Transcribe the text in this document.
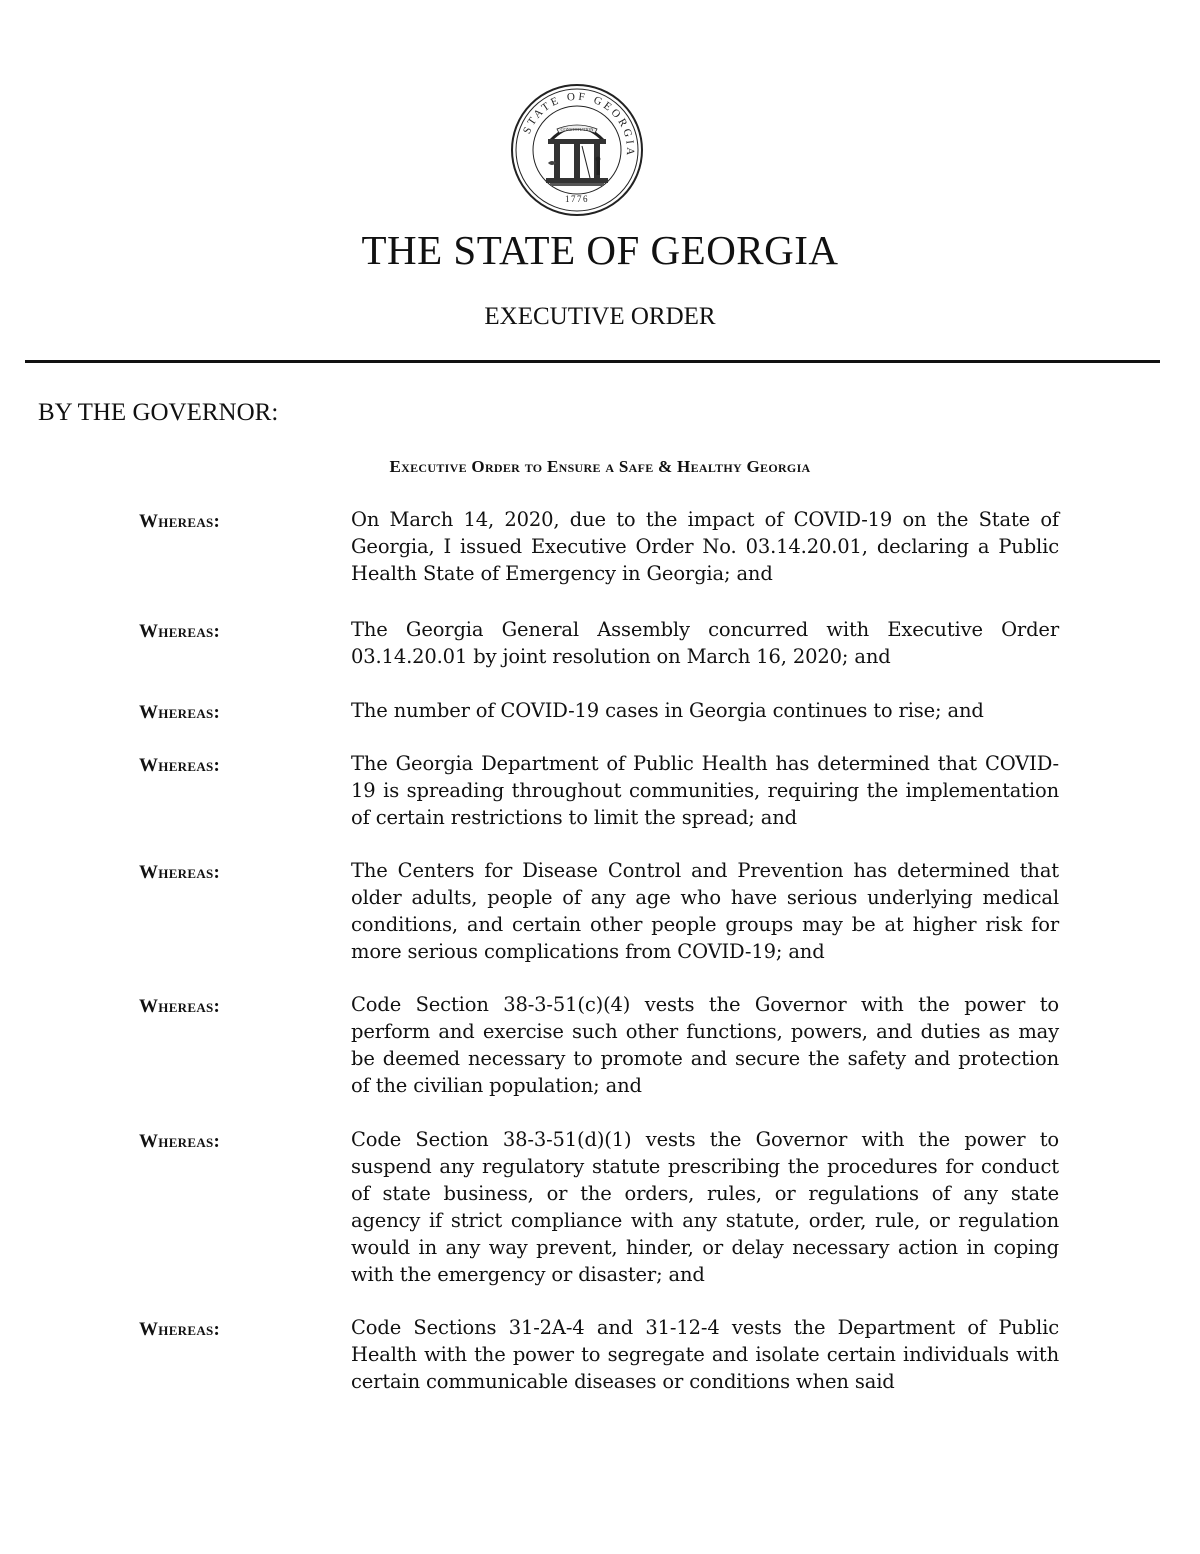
STATE OF GEORGIA
CONSTITUTION
1776
THE STATE OF GEORGIA
EXECUTIVE ORDER
BY THE GOVERNOR:
Executive Order to Ensure a Safe & Healthy Georgia
Whereas:	On March 14, 2020, due to the impact of COVID-19 on the State of Georgia, I issued Executive Order No. 03.14.20.01, declaring a Public Health State of Emergency in Georgia; and
Whereas:	The Georgia General Assembly concurred with Executive Order 03.14.20.01 by joint resolution on March 16, 2020; and
Whereas:	The number of COVID-19 cases in Georgia continues to rise; and
Whereas:	The Georgia Department of Public Health has determined that COVID-19 is spreading throughout communities, requiring the implementation of certain restrictions to limit the spread; and
Whereas:	The Centers for Disease Control and Prevention has determined that older adults, people of any age who have serious underlying medical conditions, and certain other people groups may be at higher risk for more serious complications from COVID-19; and
Whereas:	Code Section 38-3-51(c)(4) vests the Governor with the power to perform and exercise such other functions, powers, and duties as may be deemed necessary to promote and secure the safety and protection of the civilian population; and
Whereas:	Code Section 38-3-51(d)(1) vests the Governor with the power to suspend any regulatory statute prescribing the procedures for conduct of state business, or the orders, rules, or regulations of any state agency if strict compliance with any statute, order, rule, or regulation would in any way prevent, hinder, or delay necessary action in coping with the emergency or disaster; and
Whereas:	Code Sections 31-2A-4 and 31-12-4 vests the Department of Public Health with the power to segregate and isolate certain individuals with certain communicable diseases or conditions when said
